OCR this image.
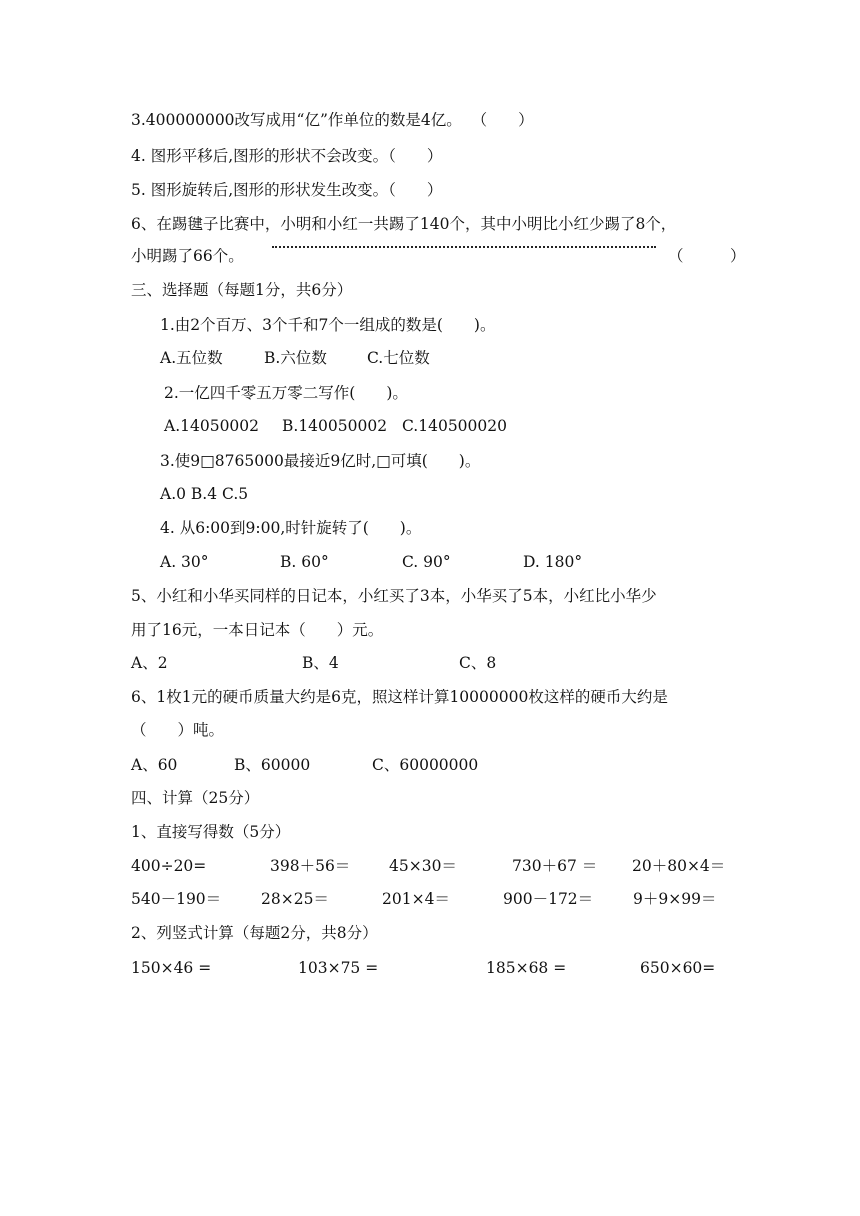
3.400000000改写成用“亿”作单位的数是4亿。  （　　）
4. 图形平移后,图形的形状不会改变。（　　）
5. 图形旋转后,图形的形状发生改变。（　　）
6、在踢毽子比赛中，小明和小红一共踢了140个，其中小明比小红少踢了8个，
小明踢了66个。	（　　　）
三、选择题（每题1分，共6分）
1.由2个百万、3个千和7个一组成的数是(　　)。
A.五位数	B.六位数	C.七位数
2.一亿四千零五万零二写作(　　)。
A.14050002 B.140050002 C.140500020
3.使9□8765000最接近9亿时,□可填(　　)。
A.0 B.4 C.5
4. 从6:00到9:00,时针旋转了(　　)。
A. 30°	B. 60°	C. 90°	D. 180°
5、小红和小华买同样的日记本，小红买了3本，小华买了5本，小红比小华少
用了16元，一本日记本（　　）元。
A、2	B、4	C、8
6、1枚1元的硬币质量大约是6克，照这样计算10000000枚这样的硬币大约是
（　　）吨。
A、60	B、60000	C、60000000
四、计算（25分）
1、直接写得数（5分）
400÷20=	398＋56＝ 45×30＝	730＋67 ＝ 20＋80×4＝
540－190＝	28×25＝	201×4＝	900－172＝	9＋9×99＝
2、列竖式计算（每题2分，共8分）
150×46 =	103×75 =	185×68 =	650×60=
